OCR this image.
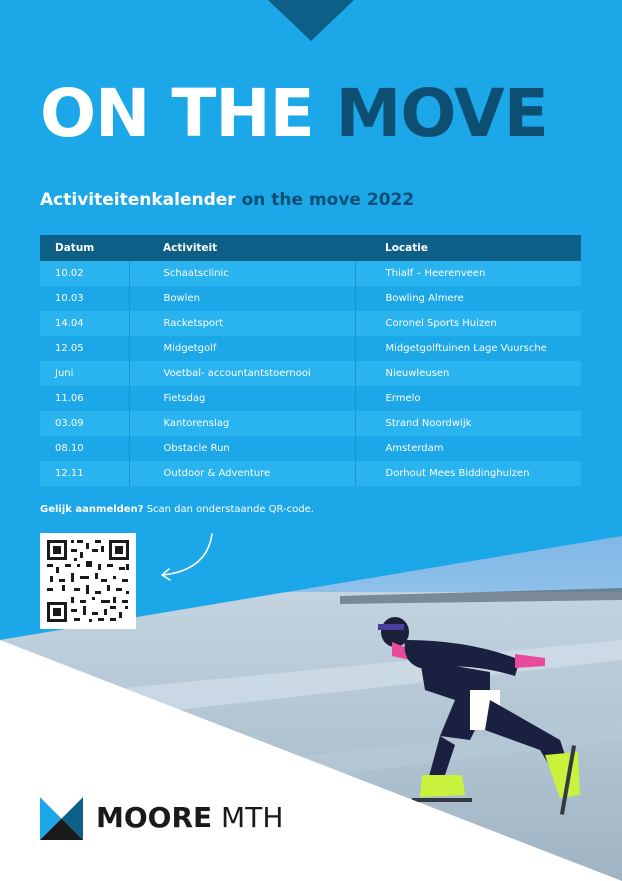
ON THE MOVE
Activiteitenkalender on the move 2022
Datum	Activiteit	Locatie
10.02	Schaatsclinic	Thialf – Heerenveen
10.03	Bowlen	Bowling Almere
14.04	Racketsport	Coronel Sports Huizen
12.05	Midgetgolf	Midgetgolftuinen Lage Vuursche
Juni	Voetbal- accountantstoernooi	Nieuwleusen
11.06	Fietsdag	Ermelo
03.09	Kantorenslag	Strand Noordwijk
08.10	Obstacle Run	Amsterdam
12.11	Outdoor & Adventure	Dorhout Mees Biddinghuizen
Gelijk aanmelden? Scan dan onderstaande QR-code.
MOORE MTH
